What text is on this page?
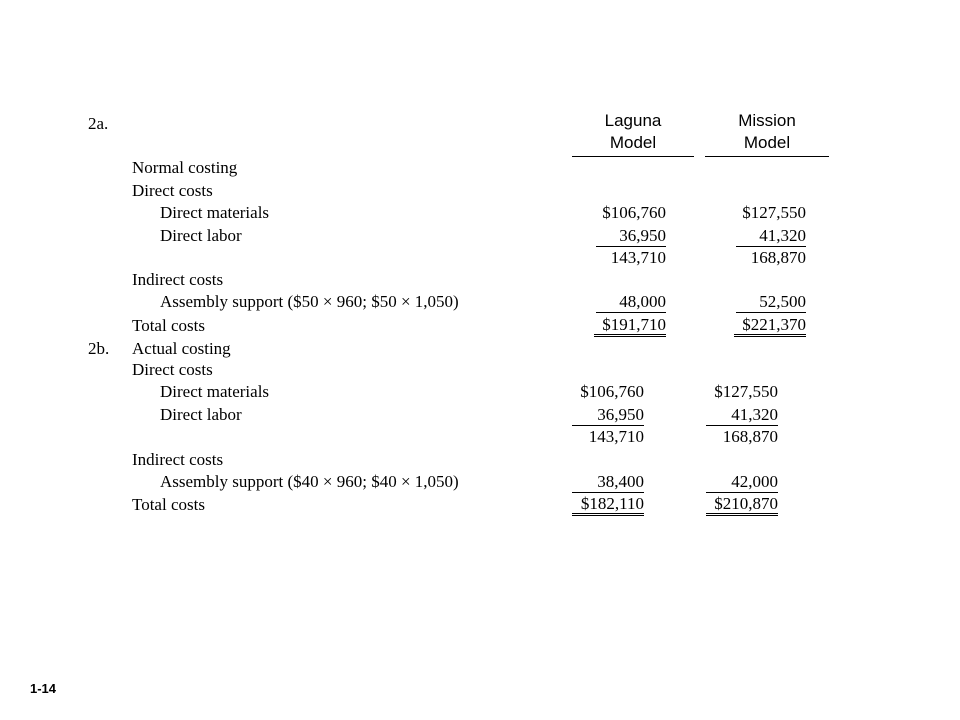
Laguna
Model
Mission
Model
2a.
Normal costing
Direct costs
Direct materials
Direct labor
Indirect costs
Assembly support ($50 × 960; $50 × 1,050)
Total costs
$106,760
36,950
143,710
48,000
$191,710
$127,550
41,320
168,870
52,500
$221,370
2b. Actual costing
Direct costs
Direct materials
Direct labor
Indirect costs
Assembly support ($40 × 960; $40 × 1,050)
Total costs
$106,760
36,950
143,710
38,400
$182,110
$127,550
41,320
168,870
42,000
$210,870
1-14
